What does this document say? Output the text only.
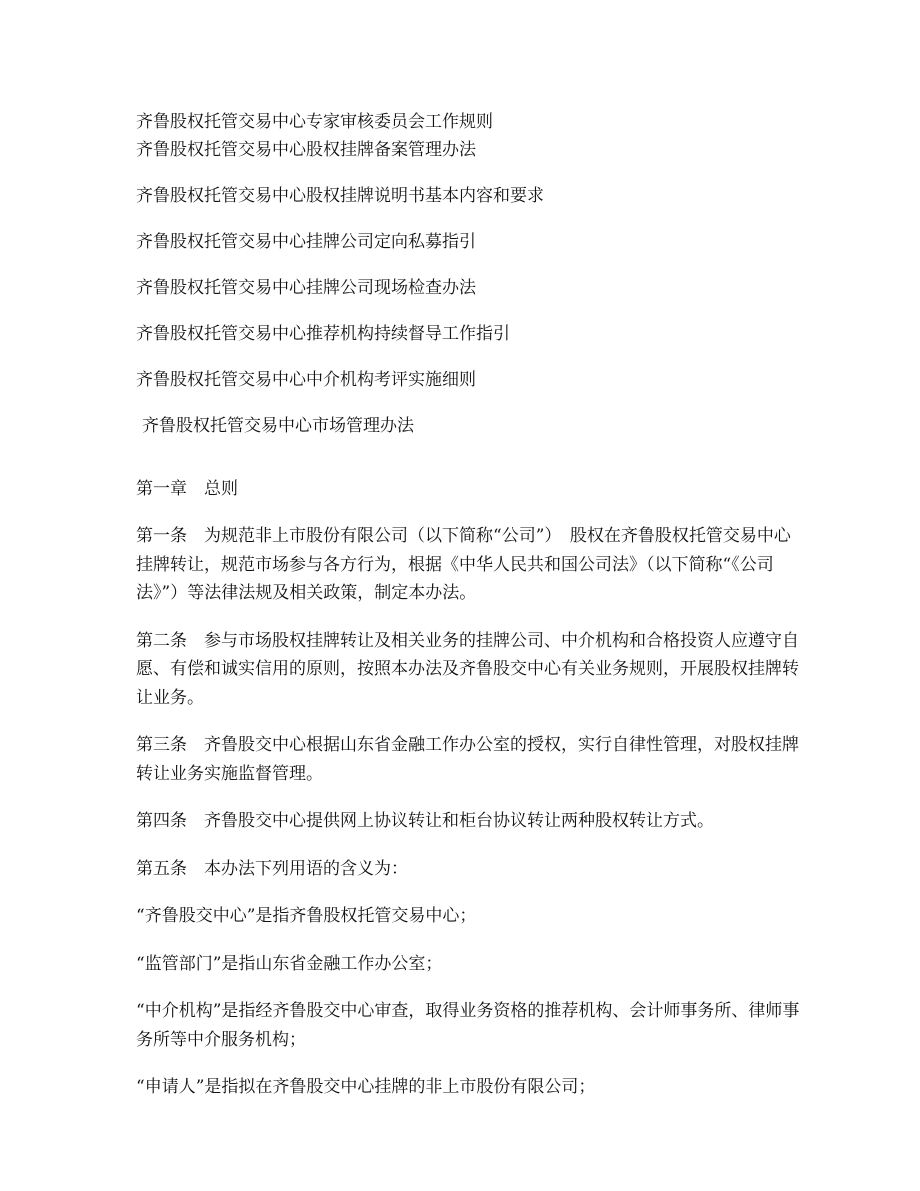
齐鲁股权托管交易中心专家审核委员会工作规则

齐鲁股权托管交易中心股权挂牌备案管理办法

齐鲁股权托管交易中心股权挂牌说明书基本内容和要求

齐鲁股权托管交易中心挂牌公司定向私募指引

齐鲁股权托管交易中心挂牌公司现场检查办法

齐鲁股权托管交易中心推荐机构持续督导工作指引

齐鲁股权托管交易中心中介机构考评实施细则

齐鲁股权托管交易中心市场管理办法

第一章　总则

第一条　为规范非上市股份有限公司（以下简称“公司”）　股权在齐鲁股权托管交易中心挂牌转让，规范市场参与各方行为，根据《中华人民共和国公司法》（以下简称“《公司法》”）等法律法规及相关政策，制定本办法。

第二条　参与市场股权挂牌转让及相关业务的挂牌公司、中介机构和合格投资人应遵守自愿、有偿和诚实信用的原则，按照本办法及齐鲁股交中心有关业务规则，开展股权挂牌转让业务。

第三条　齐鲁股交中心根据山东省金融工作办公室的授权，实行自律性管理，对股权挂牌转让业务实施监督管理。

第四条　齐鲁股交中心提供网上协议转让和柜台协议转让两种股权转让方式。

第五条　本办法下列用语的含义为：

“齐鲁股交中心”是指齐鲁股权托管交易中心；

“监管部门”是指山东省金融工作办公室；

“中介机构”是指经齐鲁股交中心审查，取得业务资格的推荐机构、会计师事务所、律师事务所等中介服务机构；

“申请人”是指拟在齐鲁股交中心挂牌的非上市股份有限公司；
